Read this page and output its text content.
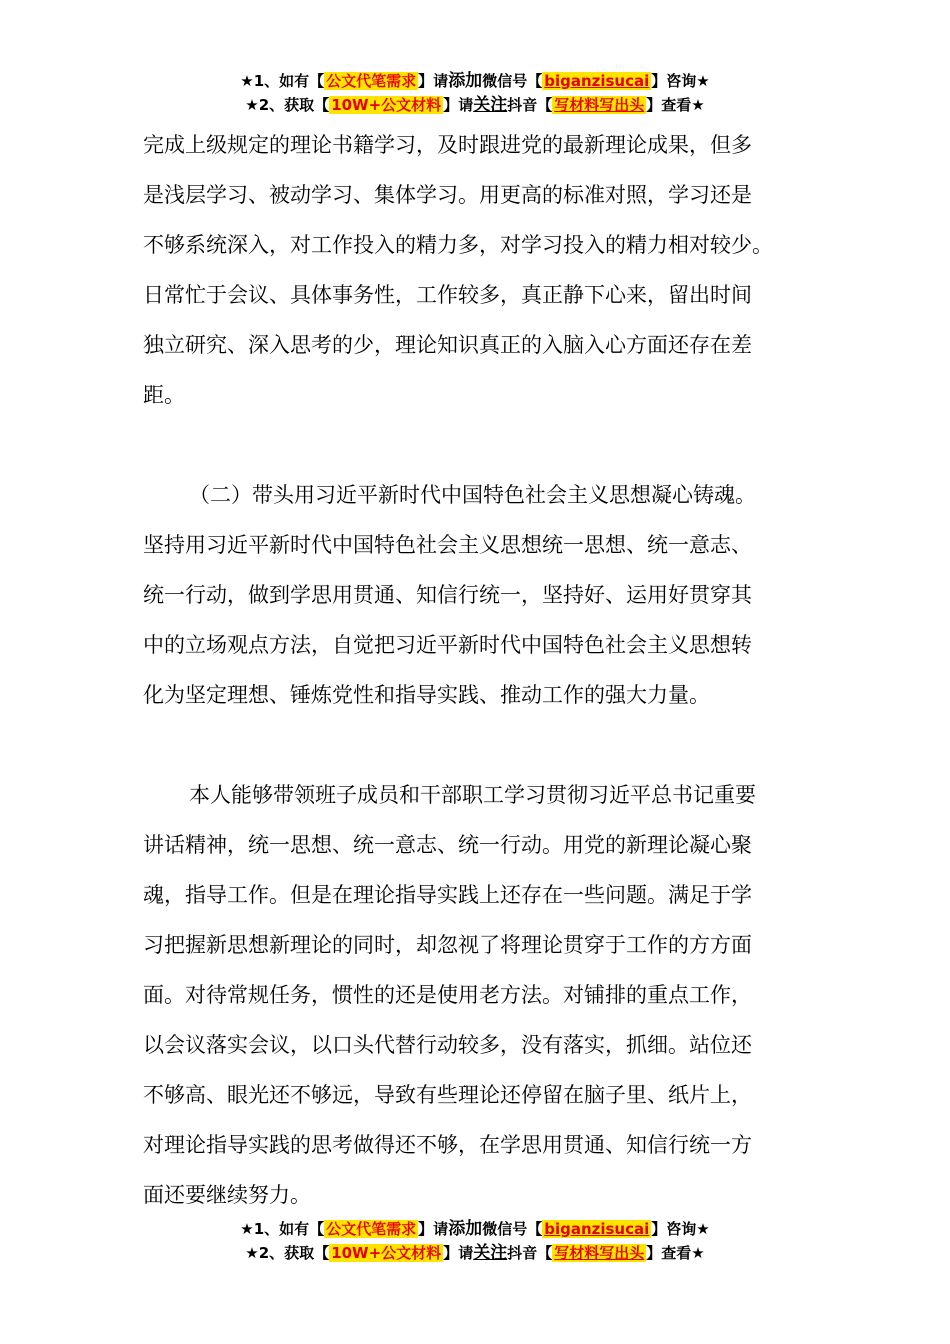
★1、如有【 公文代笔需求 】请添加微信号【 biganzisucai 】咨询★
★2、获取【 10W+公文材料 】请关注抖音【 写材料写出头 】查看★

完成上级规定的理论书籍学习，及时跟进党的最新理论成果，但多

是浅层学习、被动学习、集体学习。用更高的标准对照，学习还是

不够系统深入，对工作投入的精力多，对学习投入的精力相对较少。

日常忙于会议、具体事务性，工作较多，真正静下心来，留出时间

独立研究、深入思考的少，理论知识真正的入脑入心方面还存在差

距。

（二）带头用习近平新时代中国特色社会主义思想凝心铸魂。

坚持用习近平新时代中国特色社会主义思想统一思想、统一意志、

统一行动，做到学思用贯通、知信行统一，坚持好、运用好贯穿其

中的立场观点方法，自觉把习近平新时代中国特色社会主义思想转

化为坚定理想、锤炼党性和指导实践、推动工作的强大力量。

本人能够带领班子成员和干部职工学习贯彻习近平总书记重要

讲话精神，统一思想、统一意志、统一行动。用党的新理论凝心聚

魂，指导工作。但是在理论指导实践上还存在一些问题。满足于学

习把握新思想新理论的同时，却忽视了将理论贯穿于工作的方方面

面。对待常规任务，惯性的还是使用老方法。对铺排的重点工作，

以会议落实会议，以口头代替行动较多，没有落实，抓细。站位还

不够高、眼光还不够远，导致有些理论还停留在脑子里、纸片上，

对理论指导实践的思考做得还不够，在学思用贯通、知信行统一方

面还要继续努力。

★1、如有【 公文代笔需求 】请添加微信号【 biganzisucai 】咨询★
★2、获取【 10W+公文材料 】请关注抖音【 写材料写出头 】查看★
